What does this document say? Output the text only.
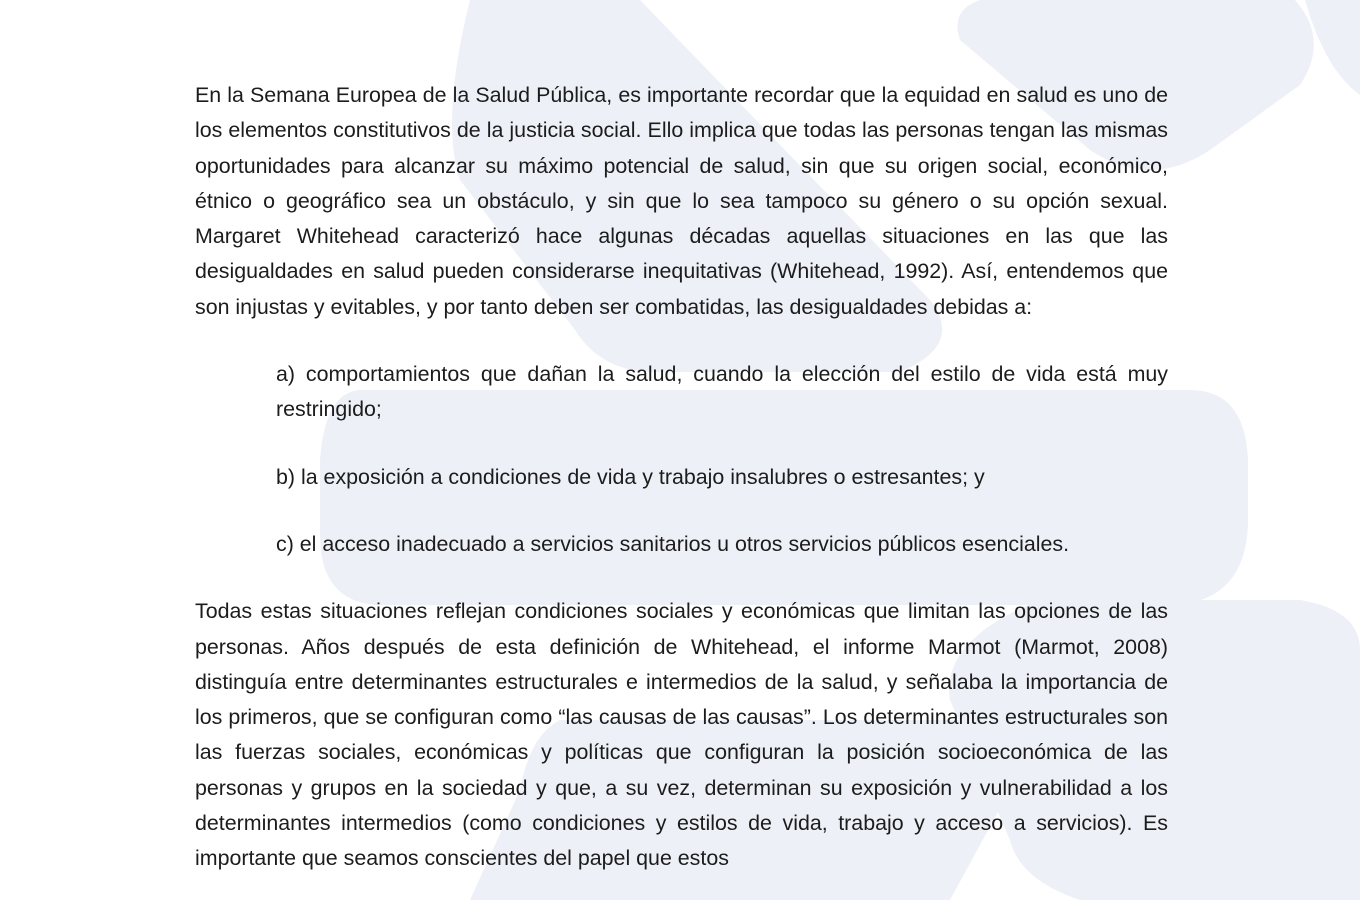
En la Semana Europea de la Salud Pública, es importante recordar que la equidad en salud es uno de los elementos constitutivos de la justicia social. Ello implica que todas las personas tengan las mismas oportunidades para alcanzar su máximo potencial de salud, sin que su origen social, económico, étnico o geográfico sea un obstáculo, y sin que lo sea tampoco su género o su opción sexual. Margaret Whitehead caracterizó hace algunas décadas aquellas situaciones en las que las desigualdades en salud pueden considerarse inequitativas (Whitehead, 1992). Así, entendemos que son injustas y evitables, y por tanto deben ser combatidas, las desigualdades debidas a:

a) comportamientos que dañan la salud, cuando la elección del estilo de vida está muy restringido;
b) la exposición a condiciones de vida y trabajo insalubres o estresantes; y
c) el acceso inadecuado a servicios sanitarios u otros servicios públicos esenciales.

Todas estas situaciones reflejan condiciones sociales y económicas que limitan las opciones de las personas. Años después de esta definición de Whitehead, el informe Marmot (Marmot, 2008) distinguía entre determinantes estructurales e intermedios de la salud, y señalaba la importancia de los primeros, que se configuran como “las causas de las causas”. Los determinantes estructurales son las fuerzas sociales, económicas y políticas que configuran la posición socioeconómica de las personas y grupos en la sociedad y que, a su vez, determinan su exposición y vulnerabilidad a los determinantes intermedios (como condiciones y estilos de vida, trabajo y acceso a servicios). Es importante que seamos conscientes del papel que estos
